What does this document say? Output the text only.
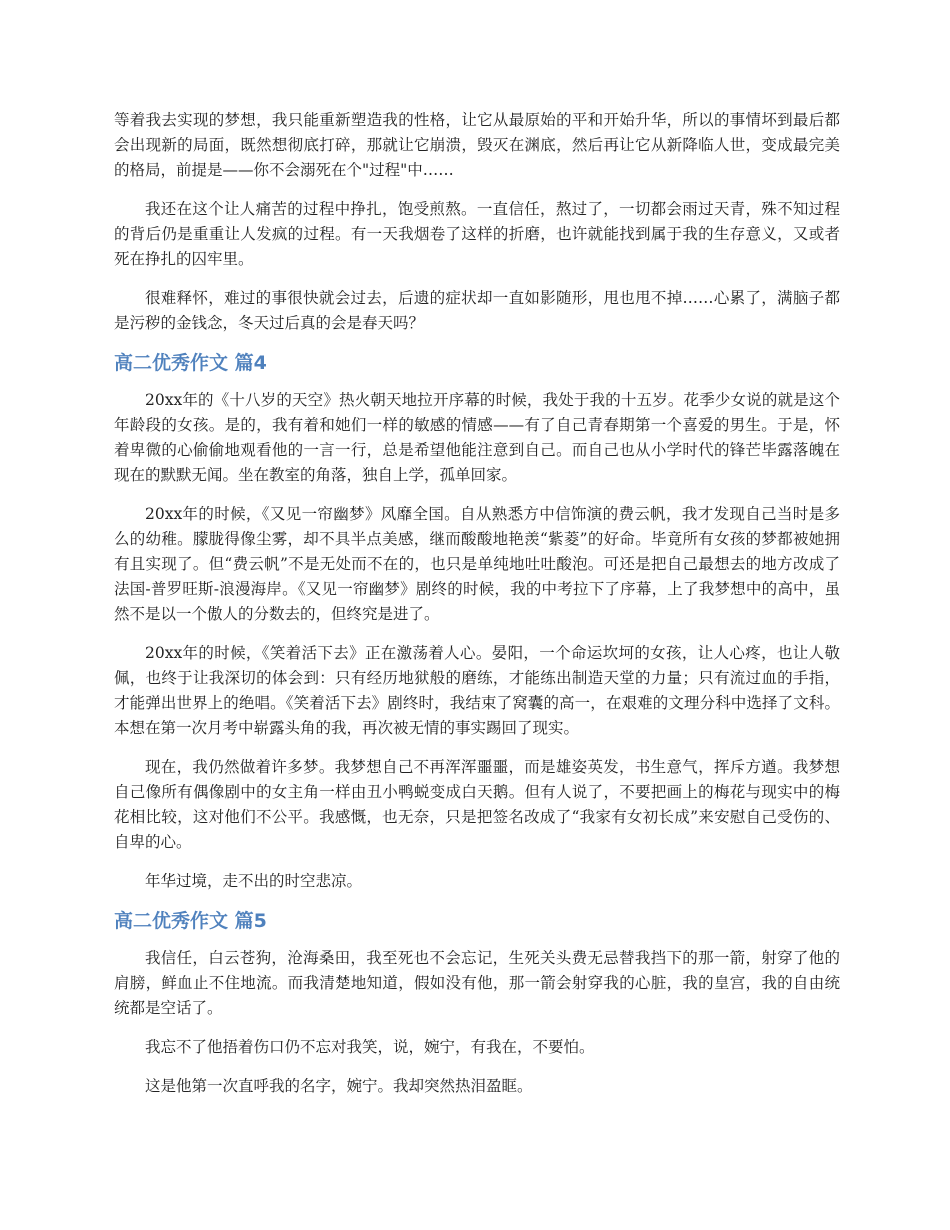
等着我去实现的梦想，我只能重新塑造我的性格，让它从最原始的平和开始升华，所以的事情坏到最后都会出现新的局面，既然想彻底打碎，那就让它崩溃，毁灭在渊底，然后再让它从新降临人世，变成最完美的格局，前提是——你不会溺死在个"过程"中……

我还在这个让人痛苦的过程中挣扎，饱受煎熬。一直信任，熬过了，一切都会雨过天青，殊不知过程的背后仍是重重让人发疯的过程。有一天我烟卷了这样的折磨，也许就能找到属于我的生存意义，又或者死在挣扎的囚牢里。

很难释怀，难过的事很快就会过去，后遗的症状却一直如影随形，甩也甩不掉……心累了，满脑子都是污秽的金钱念，冬天过后真的会是春天吗？

高二优秀作文 篇4

20xx年的《十八岁的天空》热火朝天地拉开序幕的时候，我处于我的十五岁。花季少女说的就是这个年龄段的女孩。是的，我有着和她们一样的敏感的情感——有了自己青春期第一个喜爱的男生。于是，怀着卑微的心偷偷地观看他的一言一行，总是希望他能注意到自己。而自己也从小学时代的锋芒毕露落魄在现在的默默无闻。坐在教室的角落，独自上学，孤单回家。

20xx年的时候，《又见一帘幽梦》风靡全国。自从熟悉方中信饰演的费云帆，我才发现自己当时是多么的幼稚。朦胧得像尘雾，却不具半点美感，继而酸酸地艳羡“紫菱”的好命。毕竟所有女孩的梦都被她拥有且实现了。但“费云帆”不是无处而不在的，也只是单纯地吐吐酸泡。可还是把自己最想去的地方改成了法国-普罗旺斯-浪漫海岸。《又见一帘幽梦》剧终的时候，我的中考拉下了序幕，上了我梦想中的高中，虽然不是以一个傲人的分数去的，但终究是进了。

20xx年的时候，《笑着活下去》正在激荡着人心。晏阳，一个命运坎坷的女孩，让人心疼，也让人敬佩，也终于让我深切的体会到：只有经历地狱般的磨练，才能练出制造天堂的力量；只有流过血的手指，才能弹出世界上的绝唱。《笑着活下去》剧终时，我结束了窝囊的高一，在艰难的文理分科中选择了文科。本想在第一次月考中崭露头角的我，再次被无情的事实踢回了现实。

现在，我仍然做着许多梦。我梦想自己不再浑浑噩噩，而是雄姿英发，书生意气，挥斥方遒。我梦想自己像所有偶像剧中的女主角一样由丑小鸭蜕变成白天鹅。但有人说了，不要把画上的梅花与现实中的梅花相比较，这对他们不公平。我感慨，也无奈，只是把签名改成了“我家有女初长成”来安慰自己受伤的、自卑的心。

年华过境，走不出的时空悲凉。

高二优秀作文 篇5

我信任，白云苍狗，沧海桑田，我至死也不会忘记，生死关头费无忌替我挡下的那一箭，射穿了他的肩膀，鲜血止不住地流。而我清楚地知道，假如没有他，那一箭会射穿我的心脏，我的皇宫，我的自由统统都是空话了。

我忘不了他捂着伤口仍不忘对我笑，说，婉宁，有我在，不要怕。

这是他第一次直呼我的名字，婉宁。我却突然热泪盈眶。
